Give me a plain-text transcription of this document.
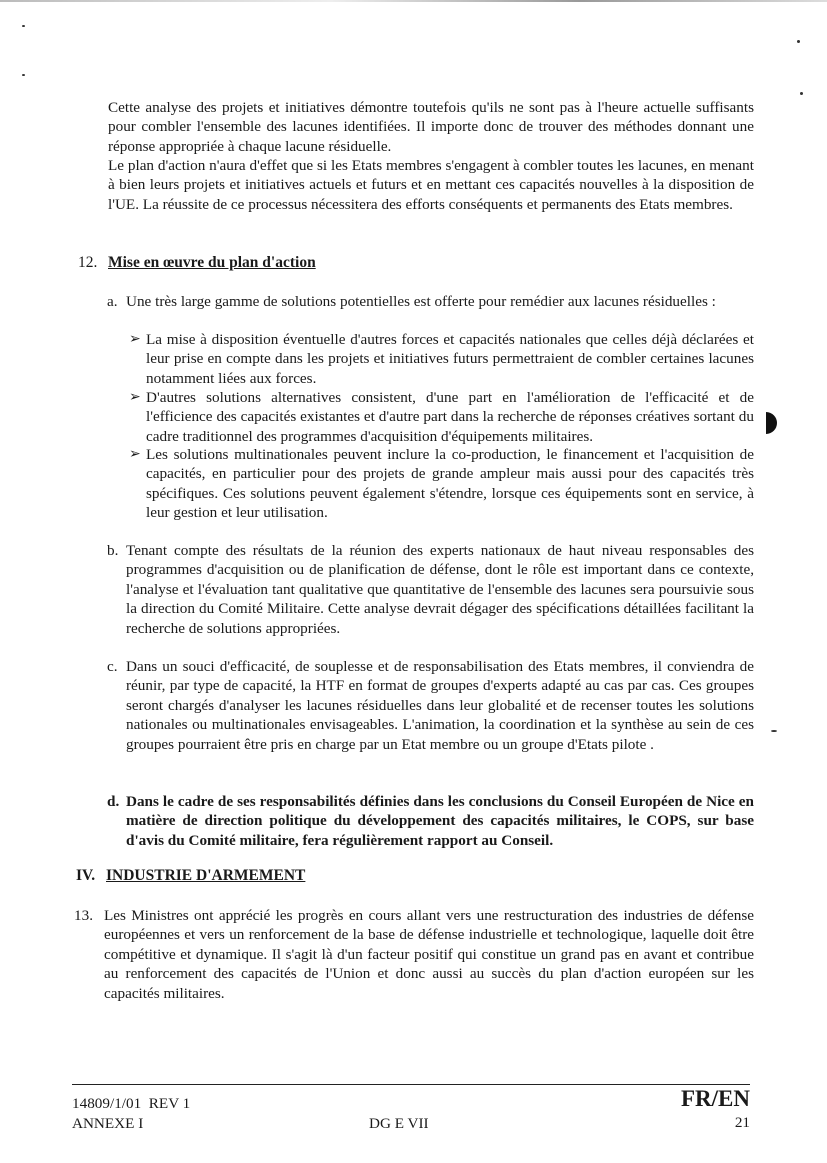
Cette analyse des projets et initiatives démontre toutefois qu'ils ne sont pas à l'heure actuelle suffisants pour combler l'ensemble des lacunes identifiées. Il importe donc de trouver des méthodes donnant une réponse appropriée à chaque lacune résiduelle.

Le plan d'action n'aura d'effet que si les Etats membres s'engagent à combler toutes les lacunes, en menant à bien leurs projets et initiatives actuels et futurs et en mettant ces capacités nouvelles à la disposition de l'UE. La réussite de ce processus nécessitera des efforts conséquents et permanents des Etats membres.

12. Mise en œuvre du plan d'action
a. Une très large gamme de solutions potentielles est offerte pour remédier aux lacunes résiduelles :
➢ La mise à disposition éventuelle d'autres forces et capacités nationales que celles déjà déclarées et leur prise en compte dans les projets et initiatives futurs permettraient de combler certaines lacunes notamment liées aux forces.
➢ D'autres solutions alternatives consistent, d'une part en l'amélioration de l'efficacité et de l'efficience des capacités existantes et d'autre part dans la recherche de réponses créatives sortant du cadre traditionnel des programmes d'acquisition d'équipements militaires.
➢ Les solutions multinationales peuvent inclure la co-production, le financement et l'acquisition de capacités, en particulier pour des projets de grande ampleur mais aussi pour des capacités très spécifiques. Ces solutions peuvent également s'étendre, lorsque ces équipements sont en service, à leur gestion et leur utilisation.
b. Tenant compte des résultats de la réunion des experts nationaux de haut niveau responsables des programmes d'acquisition ou de planification de défense, dont le rôle est important dans ce contexte, l'analyse et l'évaluation tant qualitative que quantitative de l'ensemble des lacunes sera poursuivie sous la direction du Comité Militaire. Cette analyse devrait dégager des spécifications détaillées facilitant la recherche de solutions appropriées.
c. Dans un souci d'efficacité, de souplesse et de responsabilisation des Etats membres, il conviendra de réunir, par type de capacité, la HTF en format de groupes d'experts adapté au cas par cas. Ces groupes seront chargés d'analyser les lacunes résiduelles dans leur globalité et de recenser toutes les solutions nationales ou multinationales envisageables. L'animation, la coordination et la synthèse au sein de ces groupes pourraient être pris en charge par un Etat membre ou un groupe d'Etats pilote .
d. Dans le cadre de ses responsabilités définies dans les conclusions du Conseil Européen de Nice en matière de direction politique du développement des capacités militaires, le COPS, sur base d'avis du Comité militaire, fera régulièrement rapport au Conseil.
IV. INDUSTRIE D'ARMEMENT
13. Les Ministres ont apprécié les progrès en cours allant vers une restructuration des industries de défense européennes et vers un renforcement de la base de défense industrielle et technologique, laquelle doit être compétitive et dynamique. Il s'agit là d'un facteur positif qui constitue un grand pas en avant et contribue au renforcement des capacités de l'Union et donc aussi au succès du plan d'action européen sur les capacités militaires.
14809/1/01  REV 1
ANNEXE I	DG E VII
FR/EN
21
